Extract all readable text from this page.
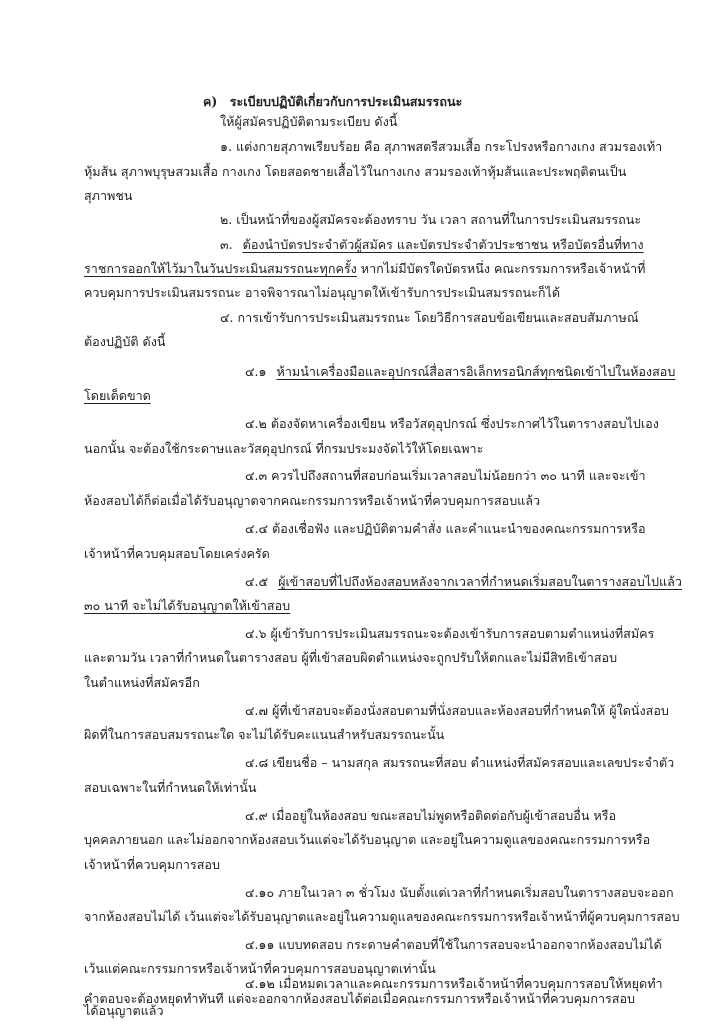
ค) ระเบียบปฏิบัติเกี่ยวกับการประเมินสมรรถนะ
ให้ผู้สมัครปฏิบัติตามระเบียบ ดังนี้
๑. แต่งกายสุภาพเรียบร้อย คือ สุภาพสตรีสวมเสื้อ กระโปรงหรือกางเกง สวมรองเท้า
หุ้มส้น สุภาพบุรุษสวมเสื้อ กางเกง โดยสอดชายเสื้อไว้ในกางเกง สวมรองเท้าหุ้มส้นและประพฤติตนเป็น
สุภาพชน
๒. เป็นหน้าที่ของผู้สมัครจะต้องทราบ วัน เวลา สถานที่ในการประเมินสมรรถนะ
๓. ต้องนำบัตรประจำตัวผู้สมัคร และบัตรประจำตัวประชาชน หรือบัตรอื่นที่ทาง
ราชการออกให้ไว้มาในวันประเมินสมรรถนะทุกครั้ง หากไม่มีบัตรใดบัตรหนึ่ง คณะกรรมการหรือเจ้าหน้าที่
ควบคุมการประเมินสมรรถนะ อาจพิจารณาไม่อนุญาตให้เข้ารับการประเมินสมรรถนะก็ได้
๔. การเข้ารับการประเมินสมรรถนะ โดยวิธีการสอบข้อเขียนและสอบสัมภาษณ์
ต้องปฏิบัติ ดังนี้
๔.๑ ห้ามนำเครื่องมือและอุปกรณ์สื่อสารอิเล็กทรอนิกส์ทุกชนิดเข้าไปในห้องสอบ
โดยเด็ดขาด
๔.๒ ต้องจัดหาเครื่องเขียน หรือวัสดุอุปกรณ์ ซึ่งประกาศไว้ในตารางสอบไปเอง
นอกนั้น จะต้องใช้กระดาษและวัสดุอุปกรณ์ ที่กรมประมงจัดไว้ให้โดยเฉพาะ
๔.๓ ควรไปถึงสถานที่สอบก่อนเริ่มเวลาสอบไม่น้อยกว่า ๓๐ นาที และจะเข้า
ห้องสอบได้ก็ต่อเมื่อได้รับอนุญาตจากคณะกรรมการหรือเจ้าหน้าที่ควบคุมการสอบแล้ว
๔.๔ ต้องเชื่อฟัง และปฏิบัติตามคำสั่ง และคำแนะนำของคณะกรรมการหรือ
เจ้าหน้าที่ควบคุมสอบโดยเคร่งครัด
๔.๕ ผู้เข้าสอบที่ไปถึงห้องสอบหลังจากเวลาที่กำหนดเริ่มสอบในตารางสอบไปแล้ว
๓๐ นาที จะไม่ได้รับอนุญาตให้เข้าสอบ
๔.๖ ผู้เข้ารับการประเมินสมรรถนะจะต้องเข้ารับการสอบตามตำแหน่งที่สมัคร
และตามวัน เวลาที่กำหนดในตารางสอบ ผู้ที่เข้าสอบผิดตำแหน่งจะถูกปรับให้ตกและไม่มีสิทธิเข้าสอบ
ในตำแหน่งที่สมัครอีก
๔.๗ ผู้ที่เข้าสอบจะต้องนั่งสอบตามที่นั่งสอบและห้องสอบที่กำหนดให้ ผู้ใดนั่งสอบ
ผิดที่ในการสอบสมรรถนะใด จะไม่ได้รับคะแนนสำหรับสมรรถนะนั้น
๔.๘ เขียนชื่อ – นามสกุล สมรรถนะที่สอบ ตำแหน่งที่สมัครสอบและเลขประจำตัว
สอบเฉพาะในที่กำหนดให้เท่านั้น
๔.๙ เมื่ออยู่ในห้องสอบ ขณะสอบไม่พูดหรือติดต่อกับผู้เข้าสอบอื่น หรือ
บุคคลภายนอก และไม่ออกจากห้องสอบเว้นแต่จะได้รับอนุญาต และอยู่ในความดูแลของคณะกรรมการหรือ
เจ้าหน้าที่ควบคุมการสอบ
๔.๑๐ ภายในเวลา ๓ ชั่วโมง นับตั้งแต่เวลาที่กำหนดเริ่มสอบในตารางสอบจะออก
จากห้องสอบไม่ได้ เว้นแต่จะได้รับอนุญาตและอยู่ในความดูแลของคณะกรรมการหรือเจ้าหน้าที่ผู้ควบคุมการสอบ
๔.๑๑ แบบทดสอบ กระดาษคำตอบที่ใช้ในการสอบจะนำออกจากห้องสอบไม่ได้
เว้นแต่คณะกรรมการหรือเจ้าหน้าที่ควบคุมการสอบอนุญาตเท่านั้น
๔.๑๒ เมื่อหมดเวลาและคณะกรรมการหรือเจ้าหน้าที่ควบคุมการสอบให้หยุดทำ
คำตอบจะต้องหยุดทำทันที แต่จะออกจากห้องสอบได้ต่อเมื่อคณะกรรมการหรือเจ้าหน้าที่ควบคุมการสอบ
ได้อนุญาตแล้ว
